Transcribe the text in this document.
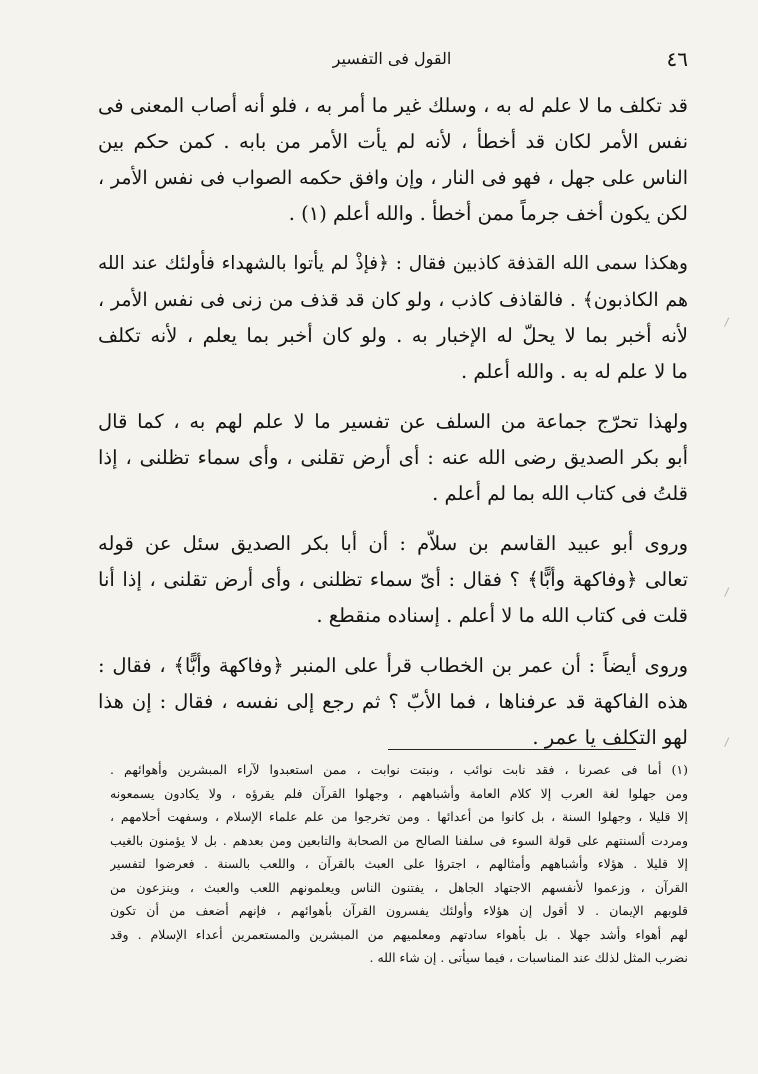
٤٦
القول فى التفسير
قد تكلف ما لا علم له به ، وسلك غير ما أمر به ، فلو أنه أصاب المعنى فى
نفس الأمر لكان قد أخطأ ، لأنه لم يأت الأمر من بابه . كمن حكم بين
الناس على جهل ، فهو فى النار ، وإن وافق حكمه الصواب فى نفس الأمر ،
لكن يكون أخف جرماً ممن أخطأ . والله أعلم (١) .
وهكذا سمى الله القذفة كاذبين فقال : ﴿فإذْ لم يأتوا بالشهداء فأولئك عند الله
هم الكاذبون﴾ . فالقاذف كاذب ، ولو كان قد قذف من زنى فى نفس الأمر ،
لأنه أخبر بما لا يحلّ له الإخبار به . ولو كان أخبر بما يعلم ، لأنه تكلف
ما لا علم له به . والله أعلم .
ولهذا تحرّج جماعة من السلف عن تفسير ما لا علم لهم به ، كما قال
أبو بكر الصديق رضى الله عنه : أى أرض تقلنى ، وأى سماء تظلنى ، إذا
قلتُ فى كتاب الله بما لم أعلم .
وروى أبو عبيد القاسم بن سلاّم : أن أبا بكر الصديق سئل عن قوله
تعالى ﴿وفاكهة وأبًّا﴾ ؟ فقال : أىّ سماء تظلنى ، وأى أرض تقلنى ، إذا أنا
قلت فى كتاب الله ما لا أعلم . إسناده منقطع .
وروى أيضاً : أن عمر بن الخطاب قرأ على المنبر ﴿وفاكهة وأبًّا﴾ ، فقال :
هذه الفاكهة قد عرفناها ، فما الأبّ ؟ ثم رجع إلى نفسه ، فقال : إن هذا
لهو التكلف يا عمر .
(١) أما فى عصرنا ، فقد نابت نوائب ، ونبتت نوابت ، ممن استعبدوا لآراء المبشرين وأهوائهم .
ومن جهلوا لغة العرب إلا كلام العامة وأشباههم ، وجهلوا القرآن فلم يقرؤه ، ولا يكادون يسمعونه
إلا قليلا ، وجهلوا السنة ، بل كانوا من أعدائها . ومن تخرجوا من علم علماء الإسلام ، وسفهت أحلامهم ،
ومردت ألسنتهم على قولة السوء فى سلفنا الصالح من الصحابة والتابعين ومن بعدهم . بل لا يؤمنون بالغيب
إلا قليلا . هؤلاء وأشباههم وأمثالهم ، اجترؤا على العبث بالقرآن ، واللعب بالسنة . فعرضوا لتفسير
القرآن ، وزعموا لأنفسهم الاجتهاد الجاهل ، يفتنون الناس ويعلمونهم اللعب والعبث ، وينزعون من
قلوبهم الإيمان . لا أقول إن هؤلاء وأولئك يفسرون القرآن بأهوائهم ، فإنهم أضعف من أن تكون
لهم أهواء وأشد جهلا . بل بأهواء سادتهم ومعلميهم من المبشرين والمستعمرين أعداء الإسلام . وقد
نضرب المثل لذلك عند المناسبات ، فيما سيأتى . إن شاء الله .
